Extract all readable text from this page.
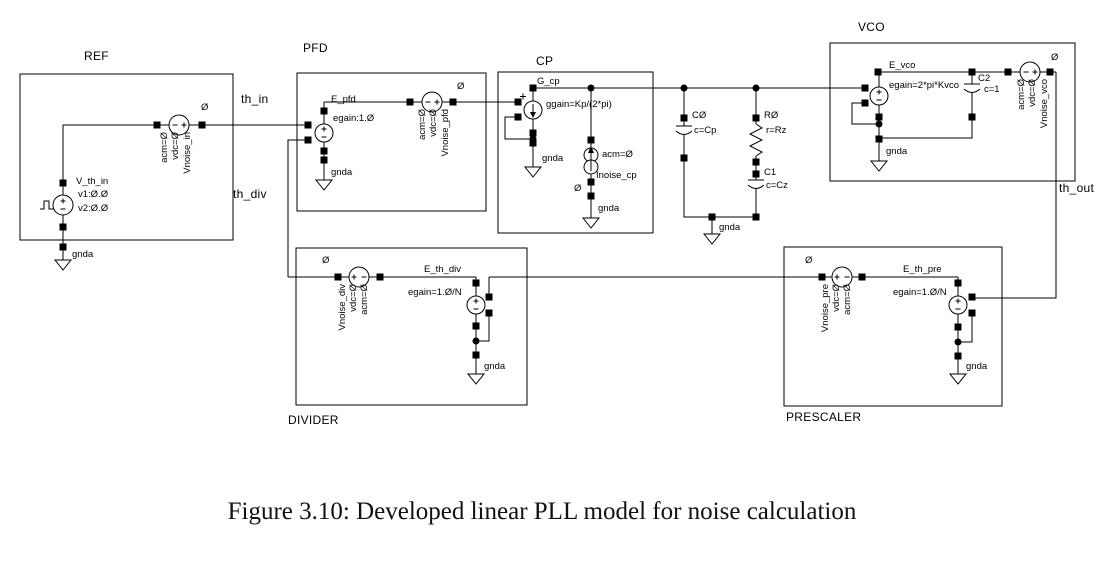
REF
PFD
CP
VCO
DIVIDER	PRESCALER
th_in
th_div	th_out
V_th_in
v1:Ø.Ø
v2:Ø.Ø
gnda
Ø
acm=Ø vdc=Ø Vnoise_in
E_pfd
egain:1.Ø
gnda
Ø
acm=Ø vdc=Ø Vnoise_pfd
G_cp
ggain=Kp/(2*pi)
gnda	acm=Ø
Inoise_cp
Ø
gnda
CØ
c=Cp
RØ
r=Rz
C1
c=Cz
gnda
E_vco
egain=2*pi*Kvco
C2
c=1
gnda
Ø
acm=Ø vdc=Ø Vnoise_vco
Ø
Vnoise_div vdc=Ø acm=Ø
E_th_div
egain=1.Ø/N
gnda
Ø
Vnoise_pre vdc=Ø acm=Ø
E_th_pre
egain=1.Ø/N
gnda
Figure 3.10: Developed linear PLL model for noise calculation
